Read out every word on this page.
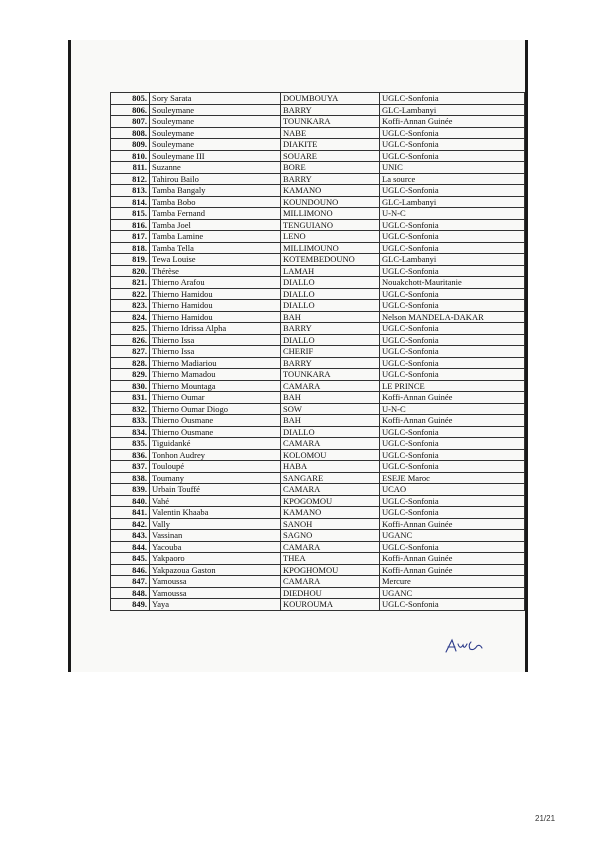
805.	Sory Sarata	DOUMBOUYA	UGLC-Sonfonia
806.	Souleymane	BARRY	GLC-Lambanyi
807.	Souleymane	TOUNKARA	Koffi-Annan Guinée
808.	Souleymane	NABE	UGLC-Sonfonia
809.	Souleymane	DIAKITE	UGLC-Sonfonia
810.	Souleymane III	SOUARE	UGLC-Sonfonia
811.	Suzanne	BORE	UNIC
812.	Tahirou Bailo	BARRY	La source
813.	Tamba Bangaly	KAMANO	UGLC-Sonfonia
814.	Tamba Bobo	KOUNDOUNO	GLC-Lambanyi
815.	Tamba Fernand	MILLIMONO	U-N-C
816.	Tamba Joel	TENGUIANO	UGLC-Sonfonia
817.	Tamba Lamine	LENO	UGLC-Sonfonia
818.	Tamba Tella	MILLIMOUNO	UGLC-Sonfonia
819.	Tewa Louise	KOTEMBEDOUNO	GLC-Lambanyi
820.	Thérèse	LAMAH	UGLC-Sonfonia
821.	Thierno Arafou	DIALLO	Nouakchott-Mauritanie
822.	Thierno Hamidou	DIALLO	UGLC-Sonfonia
823.	Thierno Hamidou	DIALLO	UGLC-Sonfonia
824.	Thierno Hamidou	BAH	Nelson MANDELA-DAKAR
825.	Thierno Idrissa Alpha	BARRY	UGLC-Sonfonia
826.	Thierno Issa	DIALLO	UGLC-Sonfonia
827.	Thierno Issa	CHERIF	UGLC-Sonfonia
828.	Thierno Madiariou	BARRY	UGLC-Sonfonia
829.	Thierno Mamadou	TOUNKARA	UGLC-Sonfonia
830.	Thierno Mountaga	CAMARA	LE PRINCE
831.	Thierno Oumar	BAH	Koffi-Annan Guinée
832.	Thierno Oumar Diogo	SOW	U-N-C
833.	Thierno Ousmane	BAH	Koffi-Annan Guinée
834.	Thierno Ousmane	DIALLO	UGLC-Sonfonia
835.	Tiguidanké	CAMARA	UGLC-Sonfonia
836.	Tonhon Audrey	KOLOMOU	UGLC-Sonfonia
837.	Touloupé	HABA	UGLC-Sonfonia
838.	Toumany	SANGARE	ESEJE Maroc
839.	Urbain Touffé	CAMARA	UCAO
840.	Vahé	KPOGOMOU	UGLC-Sonfonia
841.	Valentin Khaaba	KAMANO	UGLC-Sonfonia
842.	Vally	SANOH	Koffi-Annan Guinée
843.	Vassinan	SAGNO	UGANC
844.	Yacouba	CAMARA	UGLC-Sonfonia
845.	Yakpaoro	THEA	Koffi-Annan Guinée
846.	Yakpazoua Gaston	KPOGHOMOU	Koffi-Annan Guinée
847.	Yamoussa	CAMARA	Mercure
848.	Yamoussa	DIEDHOU	UGANC
849.	Yaya	KOUROUMA	UGLC-Sonfonia
21/21
